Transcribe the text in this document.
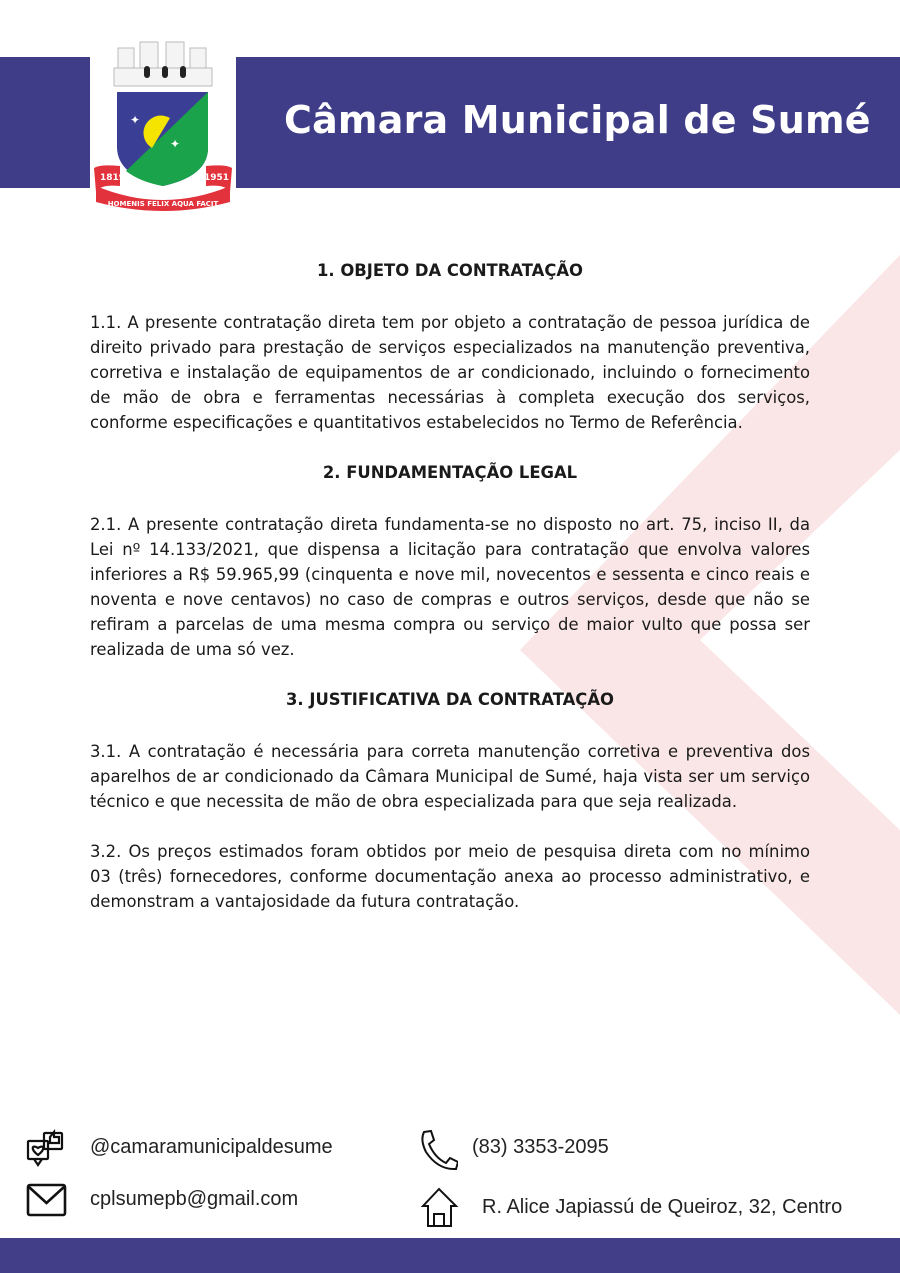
Câmara Municipal de Sumé
✦
✦
1819	1951
SUME
HOMENIS FELIX AQUA FACIT
1. OBJETO DA CONTRATAÇÃO

1.1. A presente contratação direta tem por objeto a contratação de pessoa jurídica de direito privado para prestação de serviços especializados na manutenção preventiva, corretiva e instalação de equipamentos de ar condicionado, incluindo o fornecimento de mão de obra e ferramentas necessárias à completa execução dos serviços, conforme especificações e quantitativos estabelecidos no Termo de Referência.

2. FUNDAMENTAÇÃO LEGAL

2.1. A presente contratação direta fundamenta-se no disposto no art. 75, inciso II, da Lei nº 14.133/2021, que dispensa a licitação para contratação que envolva valores inferiores a R$ 59.965,99 (cinquenta e nove mil, novecentos e sessenta e cinco reais e noventa e nove centavos) no caso de compras e outros serviços, desde que não se refiram a parcelas de uma mesma compra ou serviço de maior vulto que possa ser realizada de uma só vez.

3. JUSTIFICATIVA DA CONTRATAÇÃO

3.1. A contratação é necessária para correta manutenção corretiva e preventiva dos aparelhos de ar condicionado da Câmara Municipal de Sumé, haja vista ser um serviço técnico e que necessita de mão de obra especializada para que seja realizada.

3.2. Os preços estimados foram obtidos por meio de pesquisa direta com no mínimo 03 (três) fornecedores, conforme documentação anexa ao processo administrativo, e demonstram a vantajosidade da futura contratação.

@camaramunicipaldesume	(83) 3353-2095
cplsumepb@gmail.com	R. Alice Japiassú de Queiroz, 32, Centro
